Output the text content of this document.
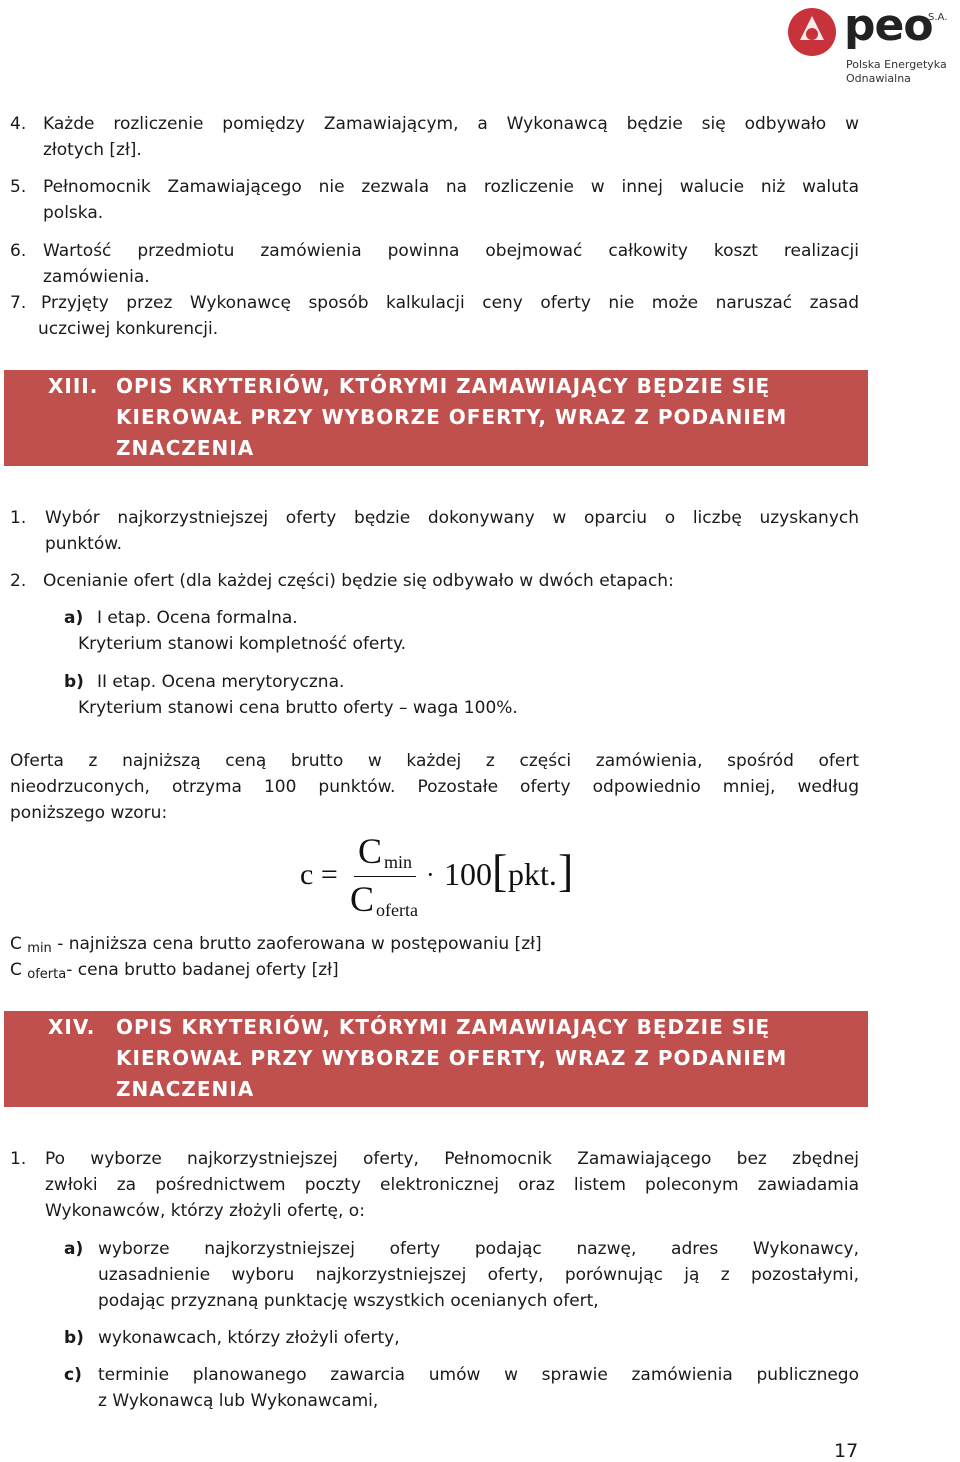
peo
S.A.
Polska Energetyka
Odnawialna
4. Każde rozliczenie pomiędzy Zamawiającym, a Wykonawcą będzie się odbywało w
złotych [zł].
5. Pełnomocnik Zamawiającego nie zezwala na rozliczenie w innej walucie niż waluta
polska.
6. Wartość przedmiotu zamówienia powinna obejmować całkowity koszt realizacji
zamówienia.
7. Przyjęty przez Wykonawcę sposób kalkulacji ceny oferty nie może naruszać zasad
uczciwej konkurencji.
XIII. OPIS KRYTERIÓW, KTÓRYMI ZAMAWIAJĄCY BĘDZIE SIĘ
KIEROWAŁ PRZY WYBORZE OFERTY, WRAZ Z PODANIEM
ZNACZENIA
1. Wybór najkorzystniejszej oferty będzie dokonywany w oparciu o liczbę uzyskanych
punktów.
2. Ocenianie ofert (dla każdej części) będzie się odbywało w dwóch etapach:
a) I etap. Ocena formalna.
Kryterium stanowi kompletność oferty.
b) II etap. Ocena merytoryczna.
Kryterium stanowi cena brutto oferty – waga 100%.
Oferta z najniższą ceną brutto w każdej z części zamówienia, spośród ofert
nieodrzuconych, otrzyma 100 punktów. Pozostałe oferty odpowiednio mniej, według
poniższego wzoru:
c =
C min
C oferta
· 100 [ pkt. ]
C $_{min}$ - najniższa cena brutto zaoferowana w postępowaniu [zł]
C $_{oferta}$- cena brutto badanej oferty [zł]
XIV. OPIS KRYTERIÓW, KTÓRYMI ZAMAWIAJĄCY BĘDZIE SIĘ
KIEROWAŁ PRZY WYBORZE OFERTY, WRAZ Z PODANIEM
ZNACZENIA
1. Po wyborze najkorzystniejszej oferty, Pełnomocnik Zamawiającego bez zbędnej
zwłoki za pośrednictwem poczty elektronicznej oraz listem poleconym zawiadamia
Wykonawców, którzy złożyli ofertę, o:
a) wyborze najkorzystniejszej oferty podając nazwę, adres Wykonawcy,
uzasadnienie wyboru najkorzystniejszej oferty, porównując ją z pozostałymi,
podając przyznaną punktację wszystkich ocenianych ofert,
b) wykonawcach, którzy złożyli oferty,
c) terminie planowanego zawarcia umów w sprawie zamówienia publicznego
z Wykonawcą lub Wykonawcami,
17
